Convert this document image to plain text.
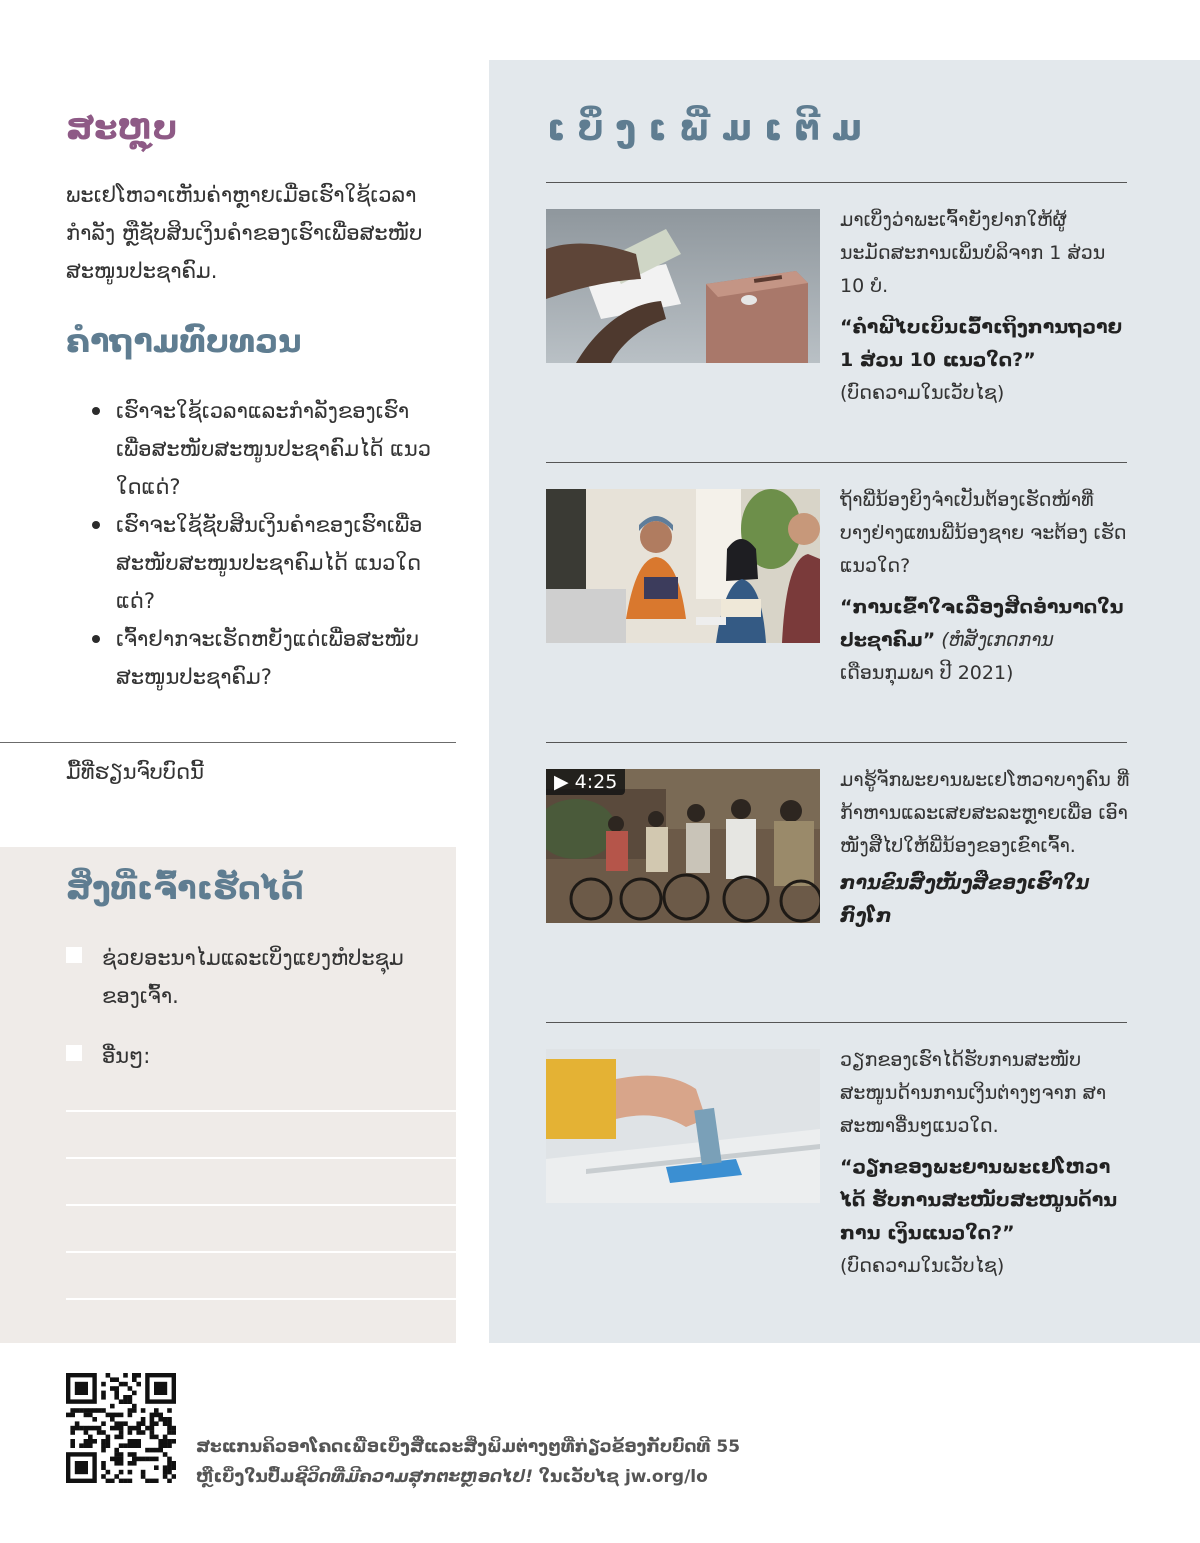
ສະຫຼຸບ

ພະເຢໂຫວາເຫັນຄ່າຫຼາຍເມື່ອເຮົາໃຊ້ເວລາ ກຳລັງ ຫຼືຊັບສິນເງິນຄຳຂອງເຮົາເພື່ອສະໜັບ ສະໜູນປະຊາຄົມ.

ຄຳຖາມທົບທວນ
ເຮົາຈະໃຊ້ເວລາແລະກຳລັງຂອງເຮົາ ເພື່ອສະໜັບສະໜູນປະຊາຄົມໄດ້ ແນວໃດແດ່?
ເຮົາຈະໃຊ້ຊັບສິນເງິນຄຳຂອງເຮົາເພື່ອ ສະໜັບສະໜູນປະຊາຄົມໄດ້ ແນວໃດແດ່?
ເຈົ້າຢາກຈະເຮັດຫຍັງແດ່ເພື່ອສະໜັບ ສະໜູນປະຊາຄົມ?
ມື້ທີ່ຮຽນຈົບບົດນີ້
ສິ່ງທີ່ເຈົ້າເຮັດໄດ້
ຊ່ວຍອະນາໄມແລະເບິ່ງແຍງຫໍປະຊຸມ ຂອງເຈົ້າ.
ອື່ນໆ:
ເບິ່ງເພີ່ມເຕີມ
ມາເບິ່ງວ່າພະເຈົ້າຍັງຢາກໃຫ້ຜູ້ ນະມັດສະການເພິ່ນບໍລິຈາກ 1 ສ່ວນ 10 ບໍ.
“ຄຳພີໄບເບິນເວົ້າເຖິງການຖວາຍ 1 ສ່ວນ 10 ແນວໃດ?”
(ບົດຄວາມໃນເວັບໄຊ)
ຖ້າພີ່ນ້ອງຍິງຈຳເປັນຕ້ອງເຮັດໜ້າທີ່ ບາງຢ່າງແທນພີ່ນ້ອງຊາຍ ຈະຕ້ອງ ເຮັດແນວໃດ?
“ການເຂົ້າໃຈເລື່ອງສິດອຳນາດໃນ ປະຊາຄົມ” (ຫໍສັງເກດການ
ເດືອນກຸມພາ ປີ 2021)
▶ 4:25	ມາຮູ້ຈັກພະຍານພະເຢໂຫວາບາງຄົນ ທີ່ກ້າຫານແລະເສຍສະລະຫຼາຍເພື່ອ ເອົາໜັງສືໄປໃຫ້ພີ່ນ້ອງຂອງເຂົາເຈົ້າ.
ການຂົນສົ່ງໜັງສືຂອງເຮົາໃນກົງໂກ
ວຽກຂອງເຮົາໄດ້ຮັບການສະໜັບ ສະໜູນດ້ານການເງິນຕ່າງໆຈາກ ສາສະໜາອື່ນໆແນວໃດ.
“ວຽກຂອງພະຍານພະເຢໂຫວາໄດ້ ຮັບການສະໜັບສະໜູນດ້ານການ ເງິນແນວໃດ?”
(ບົດຄວາມໃນເວັບໄຊ)
ສະແກນຄິວອາໂຄດເພື່ອເບິ່ງສື່ແລະສິ່ງພິມຕ່າງໆທີ່ກ່ຽວຂ້ອງກັບບົດທີ 55
ຫຼືເບິ່ງໃນປຶ້ມຊີວິດທີ່ມີຄວາມສຸກຕະຫຼອດໄປ! ໃນເວັບໄຊ jw.org/lo
